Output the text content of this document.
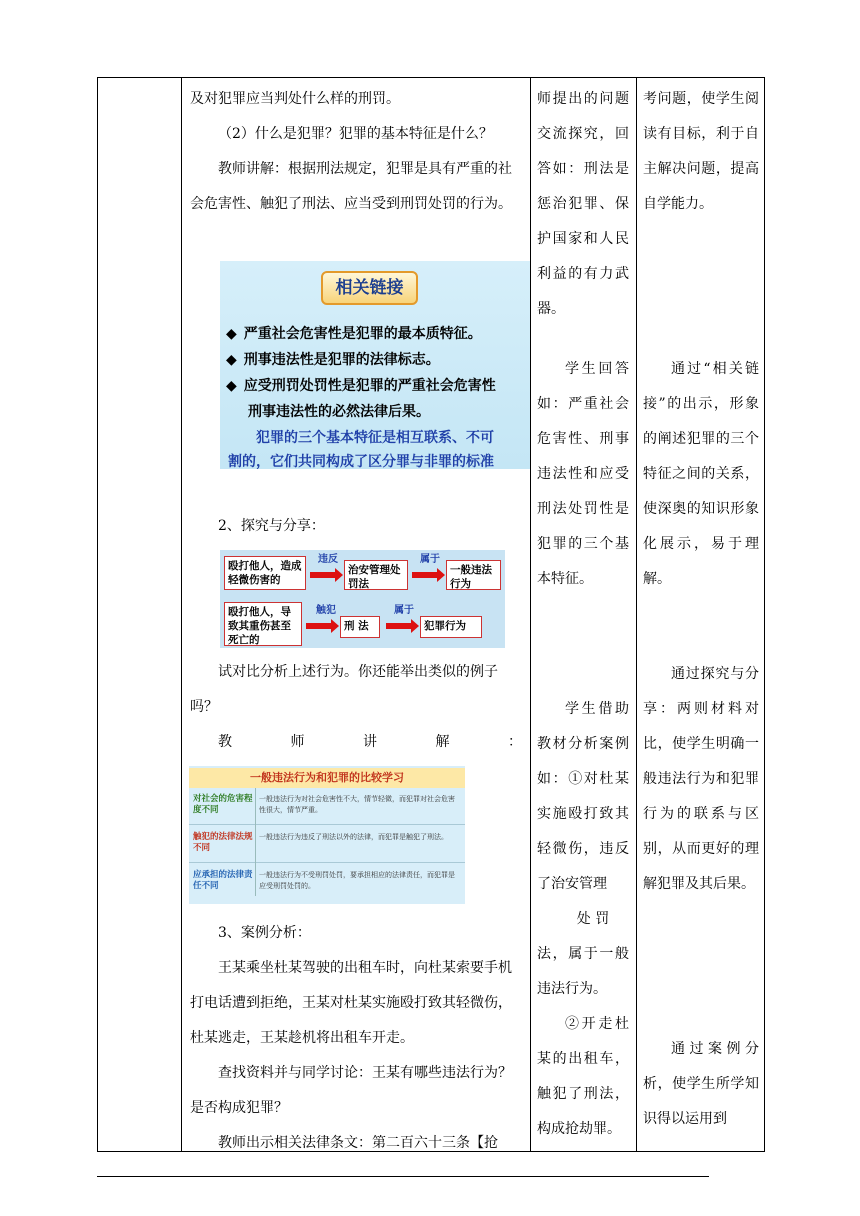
及对犯罪应当判处什么样的刑罚。

（2）什么是犯罪？犯罪的基本特征是什么？

教师讲解：根据刑法规定，犯罪是具有严重的社会危害性、触犯了刑法、应当受到刑罚处罚的行为。

2、探究与分享：

试对比分析上述行为。你还能举出类似的例子吗？

教	师	讲	解	：

3、案例分析：

王某乘坐杜某驾驶的出租车时，向杜某索要手机打电话遭到拒绝，王某对杜某实施殴打致其轻微伤，杜某逃走，王某趁机将出租车开走。

查找资料并与同学讨论：王某有哪些违法行为？是否构成犯罪？

教师出示相关法律条文：第二百六十三条【抢

相关链接
◆ 严重社会危害性是犯罪的最本质特征。
◆ 刑事违法性是犯罪的法律标志。
◆ 应受刑罚处罚性是犯罪的严重社会危害性
刑事违法性的必然法律后果。
犯罪的三个基本特征是相互联系、不可
割的，它们共同构成了区分罪与非罪的标准
殴打他人，造成轻微伤害的
违反
治安管理处罚法
属于
一般违法行为
殴打他人，导致其重伤甚至死亡的
触犯
刑 法
属于
犯罪行为
一般违法行为和犯罪的比较学习
对社会的危害程度不同
一般违法行为对社会危害性不大，情节轻微，而犯罪对社会危害性很大，情节严重。
触犯的法律法规不同
一般违法行为违反了刑法以外的法律，而犯罪是触犯了刑法。
应承担的法律责任不同
一般违法行为不受刑罚处罚，要承担相应的法律责任，而犯罪是应受刑罚处罚的。

师提出的问题交流探究，回答如：刑法是惩治犯罪、保护国家和人民利益的有力武器。

学生回答如：严重社会危害性、刑事违法性和应受刑法处罚性是犯罪的三个基本特征。

学生借助教材分析案例如：①对杜某实施殴打致其轻微伤，违反了治安管理

处 罚

法，属于一般违法行为。

②开走杜某的出租车，触犯了刑法，构成抢劫罪。

考问题，使学生阅读有目标，利于自主解决问题，提高自学能力。

通过“相关链接”的出示，形象的阐述犯罪的三个特征之间的关系，使深奥的知识形象化展示，易于理解。

通过探究与分享：两则材料对比，使学生明确一般违法行为和犯罪行为的联系与区别，从而更好的理解犯罪及其后果。

通过案例分析，使学生所学知识得以运用到
